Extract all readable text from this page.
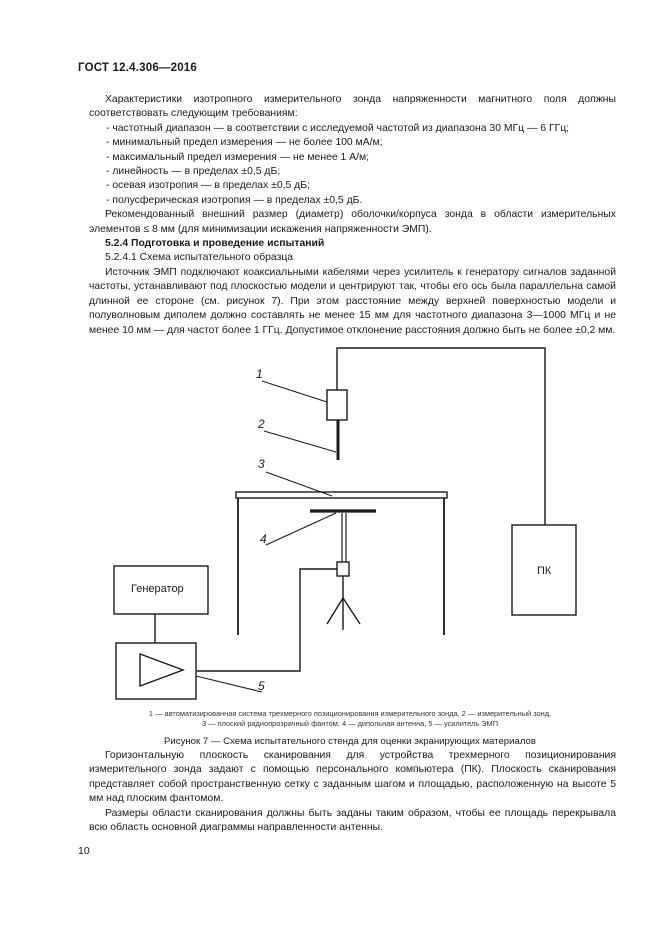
ГОСТ 12.4.306—2016

Характеристики изотропного измерительного зонда напряженности магнитного поля должны соответствовать следующим требованиям:

- частотный диапазон — в соответствии с исследуемой частотой из диапазона 30 МГц — 6 ГГц;

- минимальный предел измерения — не более 100 мА/м;

- максимальный предел измерения — не менее 1 А/м;

- линейность — в пределах ±0,5 дБ;

- осевая изотропия — в пределах ±0,5 дБ;

- полусферическая изотропия — в пределах ±0,5 дБ.

Рекомендованный внешний размер (диаметр) оболочки/корпуса зонда в области измерительных элементов ≤ 8 мм (для минимизации искажения напряженности ЭМП).

5.2.4 Подготовка и проведение испытаний

5.2.4.1 Схема испытательного образца

Источник ЭМП подключают коаксиальными кабелями через усилитель к генератору сигналов заданной частоты, устанавливают под плоскостью модели и центрируют так, чтобы его ось была параллельна самой длинной ее стороне (см. рисунок 7). При этом расстояние между верхней поверхностью модели и полуволновым диполем должно составлять не менее 15 мм для частотного диапазона 3—1000 МГц и не менее 10 мм — для частот более 1 ГГц. Допустимое отклонение расстояния должно быть не более ±0,2 мм.

Генератор
ПК
1
2
3
4
5
1 — автоматизированная система трехмерного позиционирования измерительного зонда, 2 — измерительный зонд,
3 — плоский радиопрозрачный фантом; 4 — дипольная антенна, 5 — усилитель ЭМП
Рисунок 7 — Схема испытательного стенда для оценки экранирующих материалов

Горизонтальную плоскость сканирования для устройства трехмерного позиционирования измерительного зонда задают с помощью персонального компьютера (ПК). Плоскость сканирования представляет собой пространственную сетку с заданным шагом и площадью, расположенную на высоте 5 мм над плоским фантомом.

Размеры области сканирования должны быть заданы таким образом, чтобы ее площадь перекрывала всю область основной диаграммы направленности антенны.

10
